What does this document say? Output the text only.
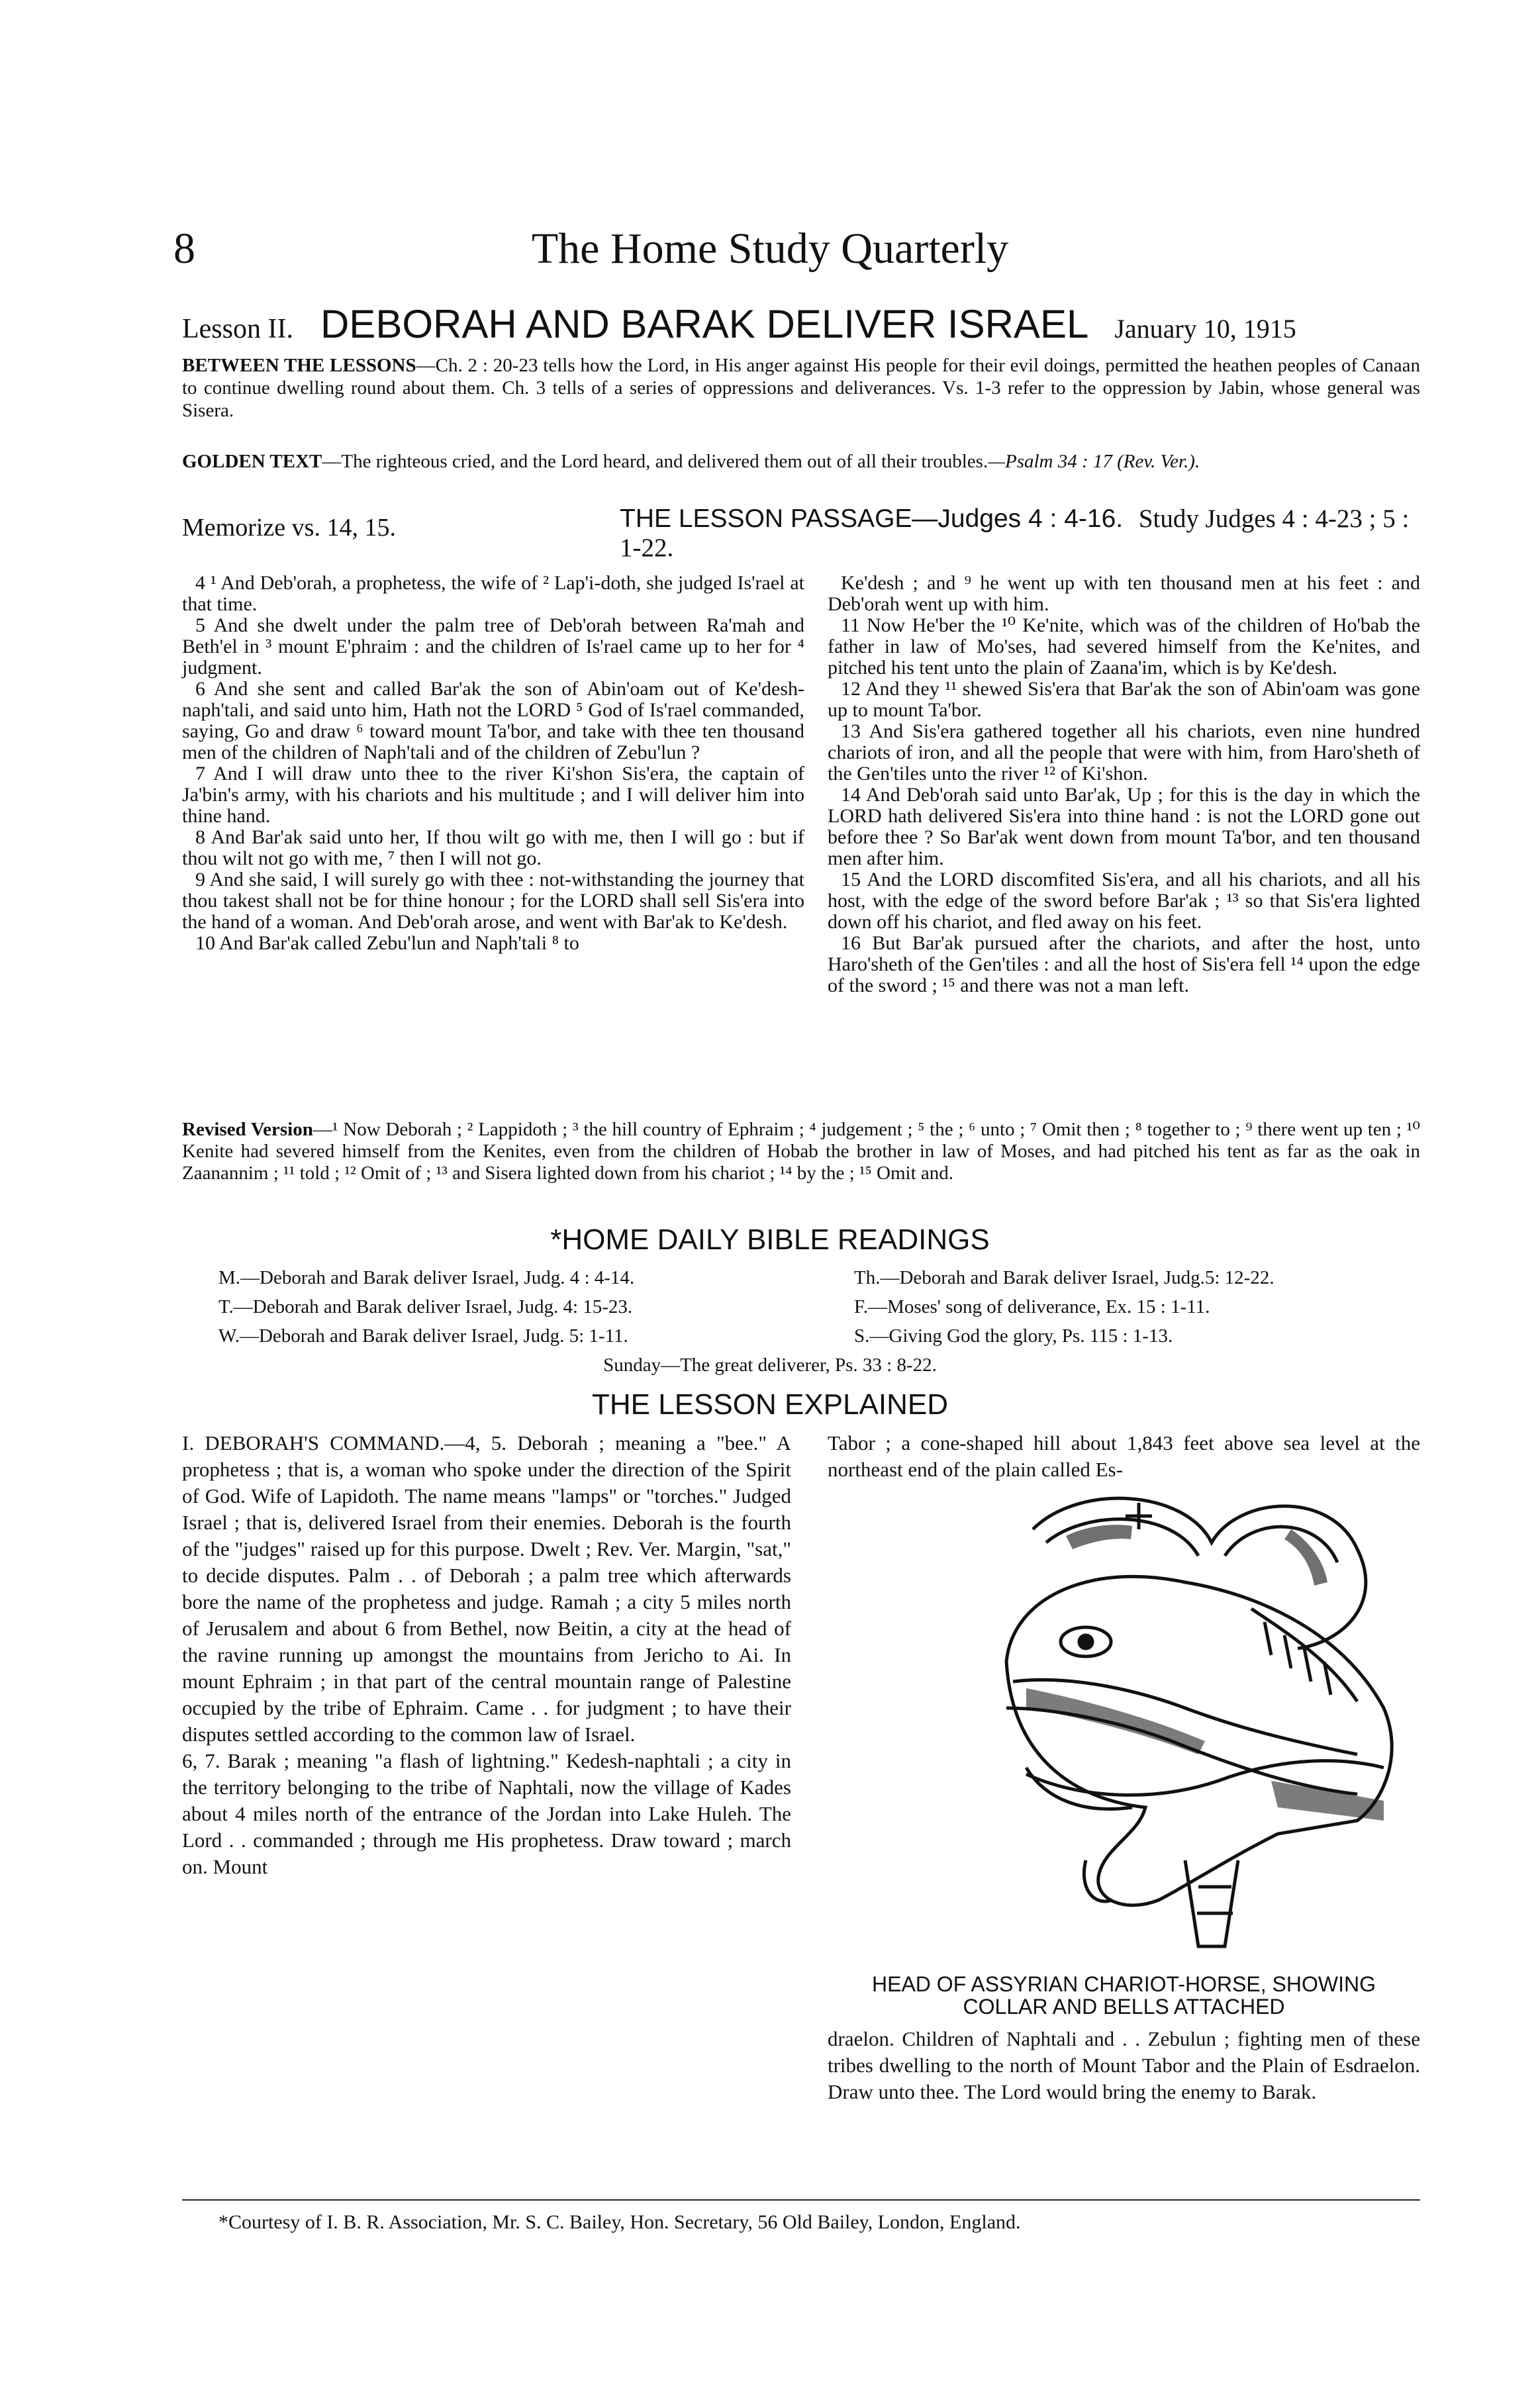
8	The Home Study Quarterly
Lesson II. DEBORAH AND BARAK DELIVER ISRAEL January 10, 1915
BETWEEN THE LESSONS—Ch. 2 : 20-23 tells how the Lord, in His anger against His people for their evil doings, permitted the heathen peoples of Canaan to continue dwelling round about them. Ch. 3 tells of a series of oppressions and deliverances. Vs. 1-3 refer to the oppression by Jabin, whose general was Sisera.
GOLDEN TEXT—The righteous cried, and the Lord heard, and delivered them out of all their troubles.—Psalm 34 : 17 (Rev. Ver.).
Memorize vs. 14, 15.	THE LESSON PASSAGE—Judges 4 : 4-16. Study Judges 4 : 4-23 ; 5 : 1-22.

4 ¹ And Deb'orah, a prophetess, the wife of ² Lap'i-doth, she judged Is'rael at that time.

5 And she dwelt under the palm tree of Deb'orah between Ra'mah and Beth'el in ³ mount E'phraim : and the children of Is'rael came up to her for ⁴ judgment.

6 And she sent and called Bar'ak the son of Abin'oam out of Ke'desh-naph'tali, and said unto him, Hath not the LORD ⁵ God of Is'rael commanded, saying, Go and draw ⁶ toward mount Ta'bor, and take with thee ten thousand men of the children of Naph'tali and of the children of Zebu'lun ?

7 And I will draw unto thee to the river Ki'shon Sis'era, the captain of Ja'bin's army, with his chariots and his multitude ; and I will deliver him into thine hand.

8 And Bar'ak said unto her, If thou wilt go with me, then I will go : but if thou wilt not go with me, ⁷ then I will not go.

9 And she said, I will surely go with thee : not-withstanding the journey that thou takest shall not be for thine honour ; for the LORD shall sell Sis'era into the hand of a woman. And Deb'orah arose, and went with Bar'ak to Ke'desh.

10 And Bar'ak called Zebu'lun and Naph'tali ⁸ to

Ke'desh ; and ⁹ he went up with ten thousand men at his feet : and Deb'orah went up with him.

11 Now He'ber the ¹⁰ Ke'nite, which was of the children of Ho'bab the father in law of Mo'ses, had severed himself from the Ke'nites, and pitched his tent unto the plain of Zaana'im, which is by Ke'desh.

12 And they ¹¹ shewed Sis'era that Bar'ak the son of Abin'oam was gone up to mount Ta'bor.

13 And Sis'era gathered together all his chariots, even nine hundred chariots of iron, and all the people that were with him, from Haro'sheth of the Gen'tiles unto the river ¹² of Ki'shon.

14 And Deb'orah said unto Bar'ak, Up ; for this is the day in which the LORD hath delivered Sis'era into thine hand : is not the LORD gone out before thee ? So Bar'ak went down from mount Ta'bor, and ten thousand men after him.

15 And the LORD discomfited Sis'era, and all his chariots, and all his host, with the edge of the sword before Bar'ak ; ¹³ so that Sis'era lighted down off his chariot, and fled away on his feet.

16 But Bar'ak pursued after the chariots, and after the host, unto Haro'sheth of the Gen'tiles : and all the host of Sis'era fell ¹⁴ upon the edge of the sword ; ¹⁵ and there was not a man left.

Revised Version—¹ Now Deborah ; ² Lappidoth ; ³ the hill country of Ephraim ; ⁴ judgement ; ⁵ the ; ⁶ unto ; ⁷ Omit then ; ⁸ together to ; ⁹ there went up ten ; ¹⁰ Kenite had severed himself from the Kenites, even from the children of Hobab the brother in law of Moses, and had pitched his tent as far as the oak in Zaanannim ; ¹¹ told ; ¹² Omit of ; ¹³ and Sisera lighted down from his chariot ; ¹⁴ by the ; ¹⁵ Omit and.
*HOME DAILY BIBLE READINGS
M.—Deborah and Barak deliver Israel, Judg. 4 : 4-14.
T.—Deborah and Barak deliver Israel, Judg. 4: 15-23.
W.—Deborah and Barak deliver Israel, Judg. 5: 1-11.
Th.—Deborah and Barak deliver Israel, Judg.5: 12-22.
F.—Moses' song of deliverance, Ex. 15 : 1-11.
S.—Giving God the glory, Ps. 115 : 1-13.
Sunday—The great deliverer, Ps. 33 : 8-22.
THE LESSON EXPLAINED

I. DEBORAH'S COMMAND.—4, 5. Deborah ; meaning a "bee." A prophetess ; that is, a woman who spoke under the direction of the Spirit of God. Wife of Lapidoth. The name means "lamps" or "torches." Judged Israel ; that is, delivered Israel from their enemies. Deborah is the fourth of the "judges" raised up for this purpose. Dwelt ; Rev. Ver. Margin, "sat," to decide disputes. Palm . . of Deborah ; a palm tree which afterwards bore the name of the prophetess and judge. Ramah ; a city 5 miles north of Jerusalem and about 6 from Bethel, now Beitin, a city at the head of the ravine running up amongst the mountains from Jericho to Ai. In mount Ephraim ; in that part of the central mountain range of Palestine occupied by the tribe of Ephraim. Came . . for judgment ; to have their disputes settled according to the common law of Israel.

6, 7. Barak ; meaning "a flash of lightning." Kedesh-naphtali ; a city in the territory belonging to the tribe of Naphtali, now the village of Kades about 4 miles north of the entrance of the Jordan into Lake Huleh. The Lord . . commanded ; through me His prophetess. Draw toward ; march on. Mount

Tabor ; a cone-shaped hill about 1,843 feet above sea level at the northeast end of the plain called Es-
HEAD OF ASSYRIAN CHARIOT-HORSE, SHOWING COLLAR AND BELLS ATTACHED
draelon. Children of Naphtali and . . Zebulun ; fighting men of these tribes dwelling to the north of Mount Tabor and the Plain of Esdraelon. Draw unto thee. The Lord would bring the enemy to Barak.
*Courtesy of I. B. R. Association, Mr. S. C. Bailey, Hon. Secretary, 56 Old Bailey, London, England.
